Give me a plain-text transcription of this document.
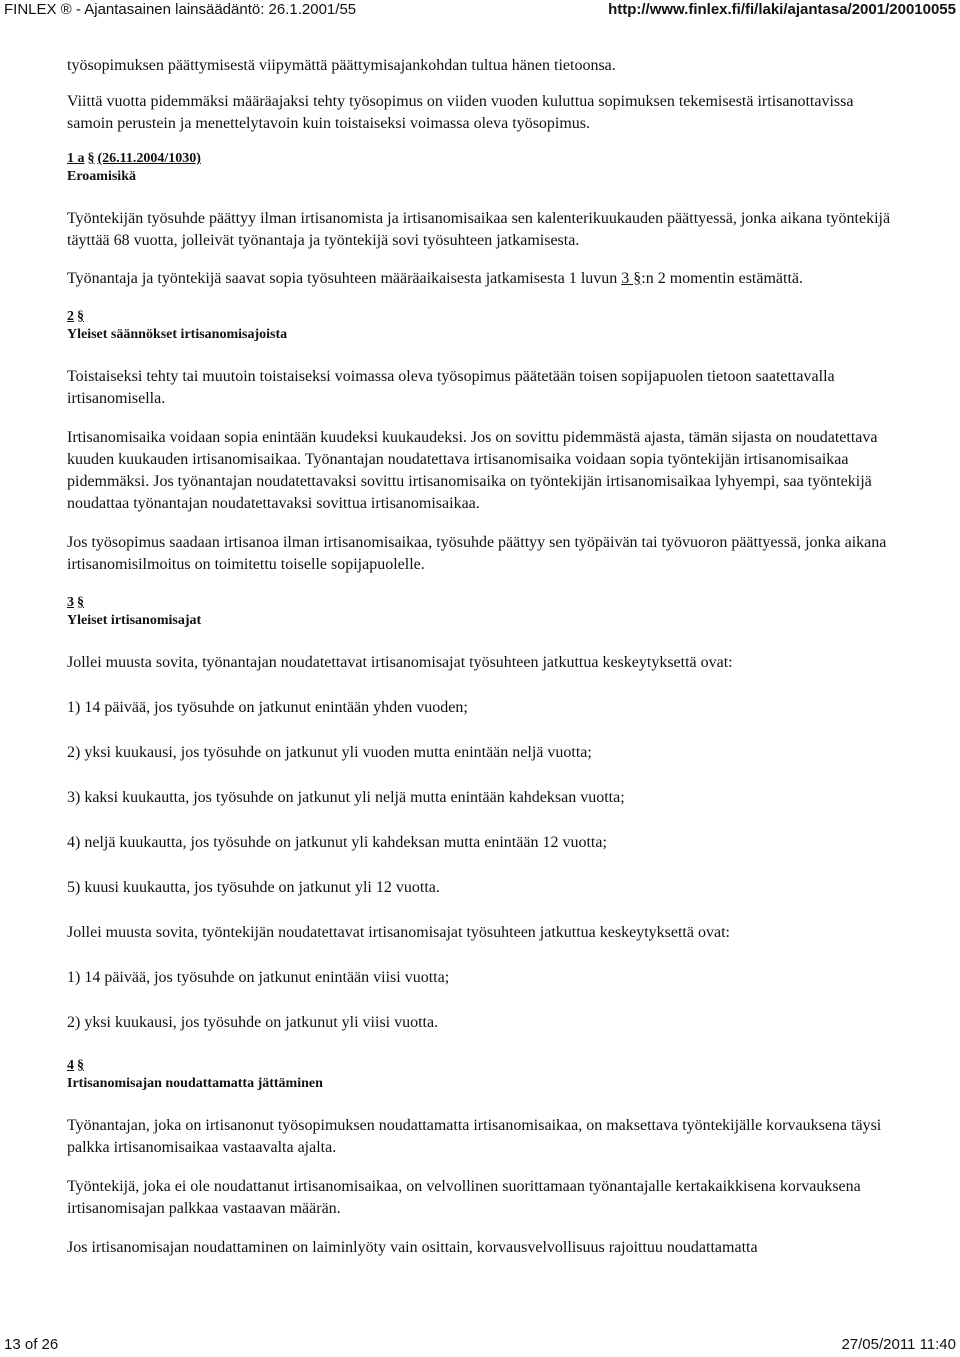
FINLEX ® - Ajantasainen lainsäädäntö: 26.1.2001/55	http://www.finlex.fi/fi/laki/ajantasa/2001/20010055

työsopimuksen päättymisestä viipymättä päättymisajankohdan tultua hänen tietoonsa.

Viittä vuotta pidemmäksi määräajaksi tehty työsopimus on viiden vuoden kuluttua sopimuksen tekemisestä irtisanottavissa samoin perustein ja menettelytavoin kuin toistaiseksi voimassa oleva työsopimus.

1 a § (26.11.2004/1030)
Eroamisikä

Työntekijän työsuhde päättyy ilman irtisanomista ja irtisanomisaikaa sen kalenterikuukauden päättyessä, jonka aikana työntekijä täyttää 68 vuotta, jolleivät työnantaja ja työntekijä sovi työsuhteen jatkamisesta.

Työnantaja ja työntekijä saavat sopia työsuhteen määräaikaisesta jatkamisesta 1 luvun 3 §:n 2 momentin estämättä.

2 §
Yleiset säännökset irtisanomisajoista

Toistaiseksi tehty tai muutoin toistaiseksi voimassa oleva työsopimus päätetään toisen sopijapuolen tietoon saatettavalla irtisanomisella.

Irtisanomisaika voidaan sopia enintään kuudeksi kuukaudeksi. Jos on sovittu pidemmästä ajasta, tämän sijasta on noudatettava kuuden kuukauden irtisanomisaikaa. Työnantajan noudatettava irtisanomisaika voidaan sopia työntekijän irtisanomisaikaa pidemmäksi. Jos työnantajan noudatettavaksi sovittu irtisanomisaika on työntekijän irtisanomisaikaa lyhyempi, saa työntekijä noudattaa työnantajan noudatettavaksi sovittua irtisanomisaikaa.

Jos työsopimus saadaan irtisanoa ilman irtisanomisaikaa, työsuhde päättyy sen työpäivän tai työvuoron päättyessä, jonka aikana irtisanomisilmoitus on toimitettu toiselle sopijapuolelle.

3 §
Yleiset irtisanomisajat

Jollei muusta sovita, työnantajan noudatettavat irtisanomisajat työsuhteen jatkuttua keskeytyksettä ovat:

1) 14 päivää, jos työsuhde on jatkunut enintään yhden vuoden;

2) yksi kuukausi, jos työsuhde on jatkunut yli vuoden mutta enintään neljä vuotta;

3) kaksi kuukautta, jos työsuhde on jatkunut yli neljä mutta enintään kahdeksan vuotta;

4) neljä kuukautta, jos työsuhde on jatkunut yli kahdeksan mutta enintään 12 vuotta;

5) kuusi kuukautta, jos työsuhde on jatkunut yli 12 vuotta.

Jollei muusta sovita, työntekijän noudatettavat irtisanomisajat työsuhteen jatkuttua keskeytyksettä ovat:

1) 14 päivää, jos työsuhde on jatkunut enintään viisi vuotta;

2) yksi kuukausi, jos työsuhde on jatkunut yli viisi vuotta.

4 §
Irtisanomisajan noudattamatta jättäminen

Työnantajan, joka on irtisanonut työsopimuksen noudattamatta irtisanomisaikaa, on maksettava työntekijälle korvauksena täysi palkka irtisanomisaikaa vastaavalta ajalta.

Työntekijä, joka ei ole noudattanut irtisanomisaikaa, on velvollinen suorittamaan työnantajalle kertakaikkisena korvauksena irtisanomisajan palkkaa vastaavan määrän.

Jos irtisanomisajan noudattaminen on laiminlyöty vain osittain, korvausvelvollisuus rajoittuu noudattamatta

13 of 26	27/05/2011 11:40
